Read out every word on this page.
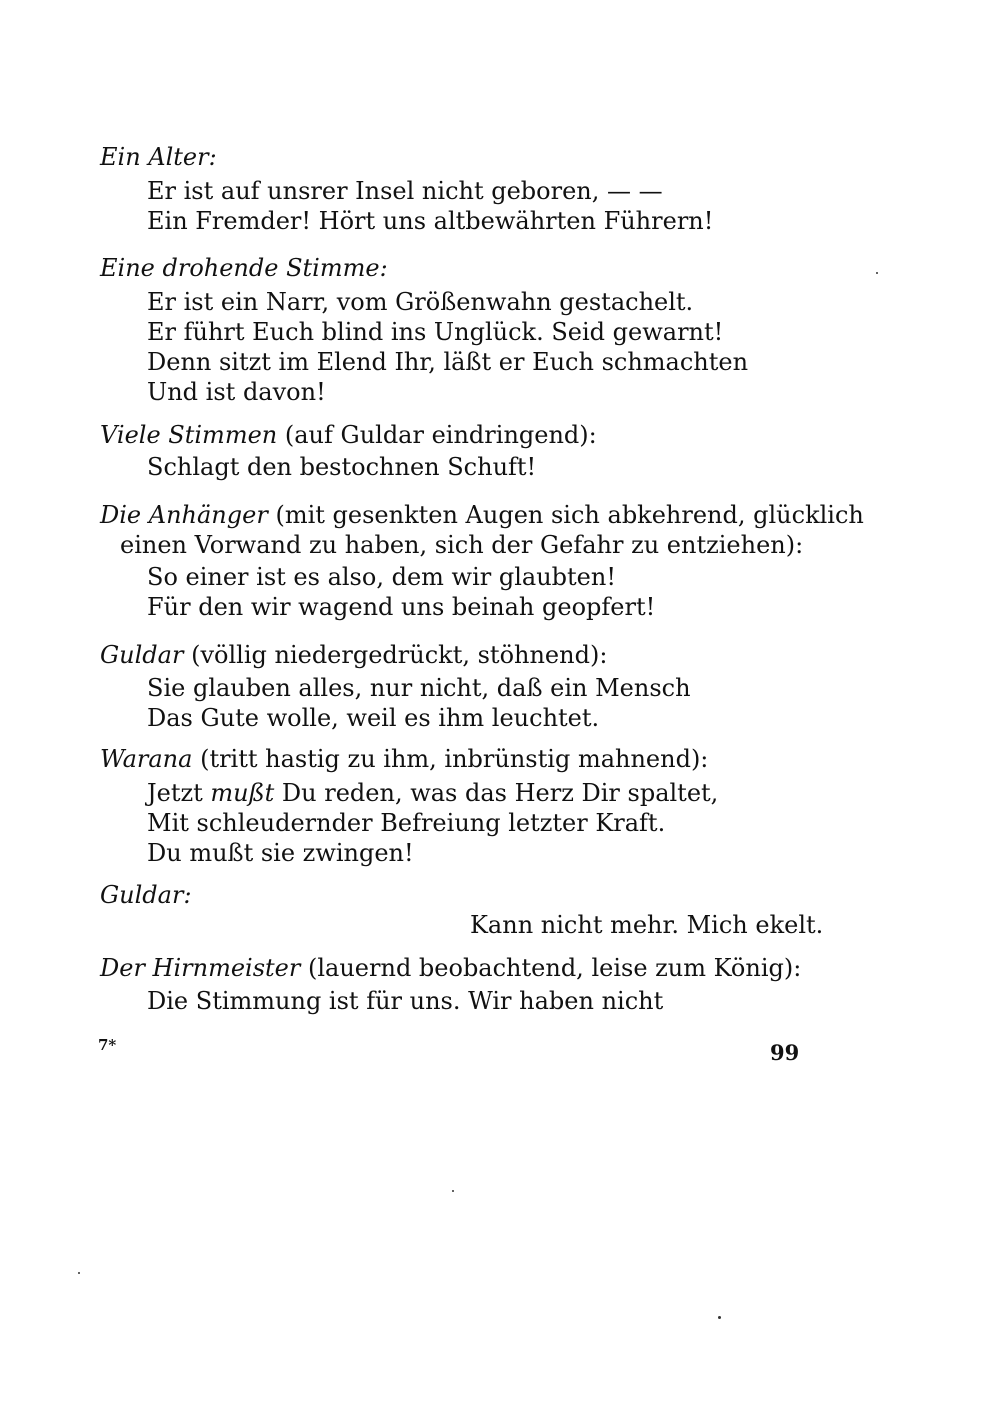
Ein Alter:
Er ist auf unsrer Insel nicht geboren, — —
Ein Fremder! Hört uns altbewährten Führern!
Eine drohende Stimme:
Er ist ein Narr, vom Größenwahn gestachelt.
Er führt Euch blind ins Unglück. Seid gewarnt!
Denn sitzt im Elend Ihr, läßt er Euch schmachten
Und ist davon!
Viele Stimmen (auf Guldar eindringend):
Schlagt den bestochnen Schuft!
Die Anhänger (mit gesenkten Augen sich abkehrend, glücklich
einen Vorwand zu haben, sich der Gefahr zu entziehen):
So einer ist es also, dem wir glaubten!
Für den wir wagend uns beinah geopfert!
Guldar (völlig niedergedrückt, stöhnend):
Sie glauben alles, nur nicht, daß ein Mensch
Das Gute wolle, weil es ihm leuchtet.
Warana (tritt hastig zu ihm, inbrünstig mahnend):
Jetzt mußt Du reden, was das Herz Dir spaltet,
Mit schleudernder Befreiung letzter Kraft.
Du mußt sie zwingen!
Guldar:
Kann nicht mehr. Mich ekelt.
Der Hirnmeister (lauernd beobachtend, leise zum König):
Die Stimmung ist für uns. Wir haben nicht
7*	99
